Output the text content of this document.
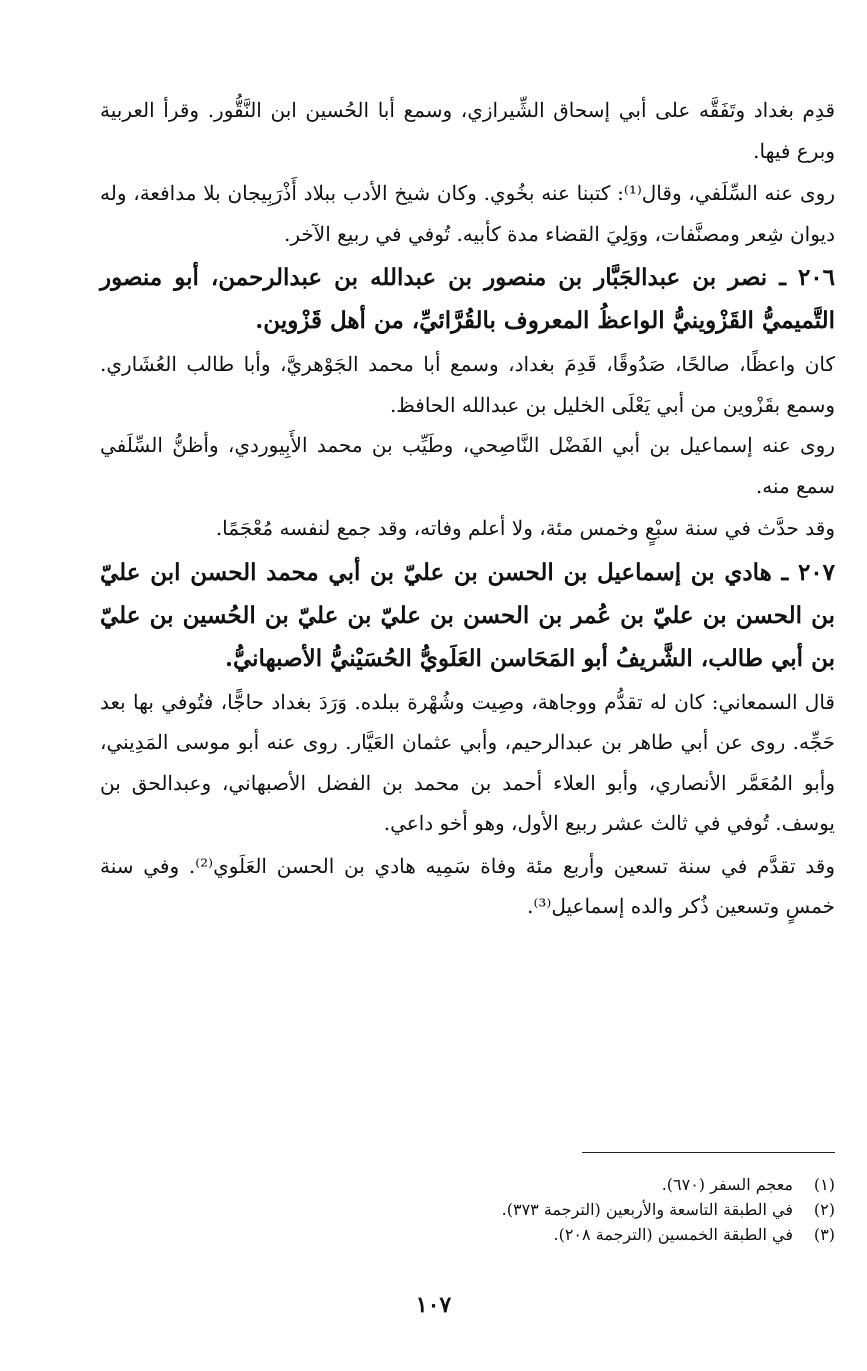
قدِم بغداد وتَفَقَّه على أبي إسحاق الشِّيرازي، وسمع أبا الحُسين ابن النَّقُّور. وقرأ العربية وبرع فيها.

روى عنه السِّلَفي، وقال⁽¹⁾: كتبنا عنه بخُوي. وكان شيخ الأدب ببلاد أَذْرَبِيجان بلا مدافعة، وله ديوان شِعر ومصنَّفات، ووَلِيَ القضاء مدة كأبيه. تُوفي في ربيع الآخر.

٢٠٦ ـ نصر بن عبدالجَبَّار بن منصور بن عبدالله بن عبدالرحمن، أبو منصور التَّميميُّ القَزْوينيُّ الواعظُ المعروف بالقُرَّائيِّ، من أهل قَزْوين.

كان واعظًا، صالحًا، صَدُوقًا، قَدِمَ بغداد، وسمع أبا محمد الجَوْهريَّ، وأبا طالب العُشَاري. وسمع بقَزْوين من أبي يَعْلَى الخليل بن عبدالله الحافظ.

روى عنه إسماعيل بن أبي الفَضْل النَّاصِحي، وطَيِّب بن محمد الأَبِيوردي، وأظنُّ السِّلَفي سمع منه.

وقد حدَّث في سنة سبْعٍ وخمس مئة، ولا أعلم وفاته، وقد جمع لنفسه مُعْجَمًا.

٢٠٧ ـ هادي بن إسماعيل بن الحسن بن عليّ بن أبي محمد الحسن ابن عليّ بن الحسن بن عليّ بن عُمر بن الحسن بن عليّ بن عليّ بن الحُسين بن عليّ بن أبي طالب، الشَّريفُ أبو المَحَاسن العَلَويُّ الحُسَيْنيُّ الأصبهانيُّ.

قال السمعاني: كان له تقدُّم ووجاهة، وصِيت وشُهْرة ببلده. وَرَدَ بغداد حاجًّا، فتُوفي بها بعد حَجِّه. روى عن أبي طاهر بن عبدالرحيم، وأبي عثمان العَيَّار. روى عنه أبو موسى المَدِيني، وأبو المُعَمَّر الأنصاري، وأبو العلاء أحمد بن محمد بن الفضل الأصبهاني، وعبدالحق بن يوسف. تُوفي في ثالث عشر ربيع الأول، وهو أخو داعي.

وقد تقدَّم في سنة تسعين وأربع مئة وفاة سَمِيه هادي بن الحسن العَلَوي⁽²⁾. وفي سنة خمسٍ وتسعين ذُكر والده إسماعيل⁽³⁾.

(١)
معجم السفر (٦٧٠).
(٢)
في الطبقة التاسعة والأربعين (الترجمة ٣٧٣).
(٣)
في الطبقة الخمسين (الترجمة ٢٠٨).
١٠٧
